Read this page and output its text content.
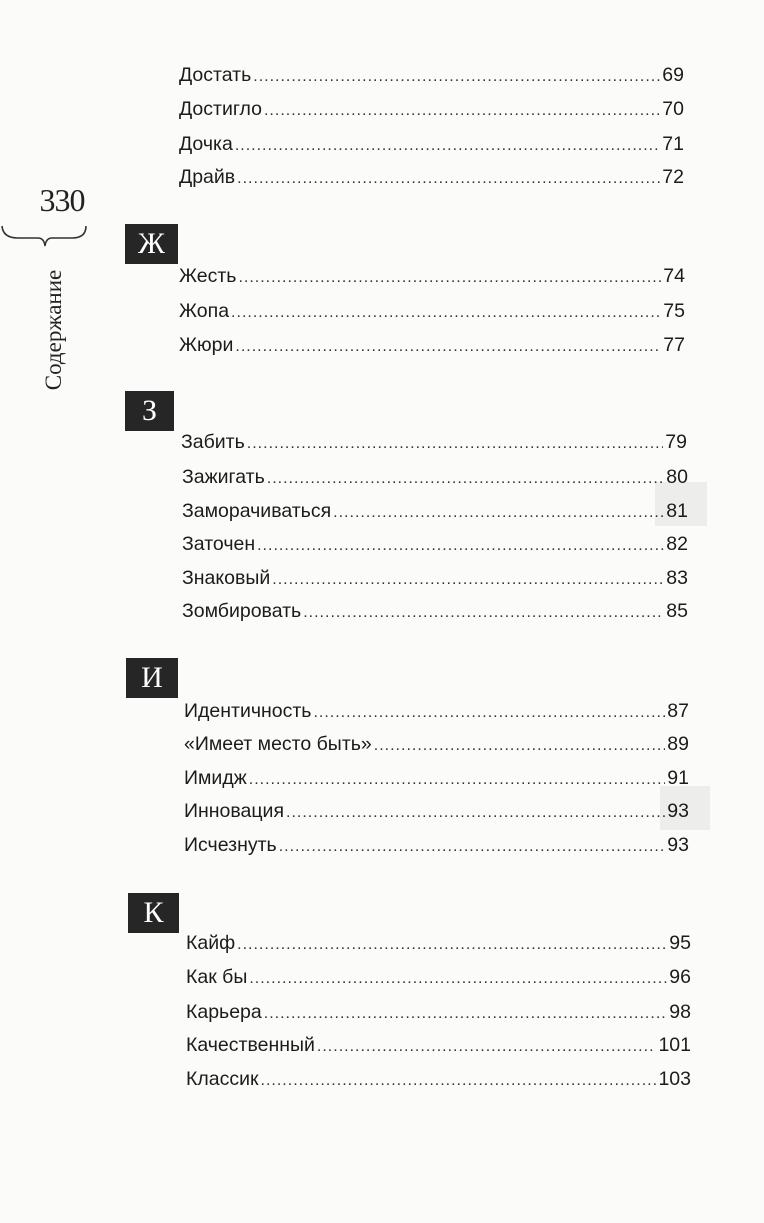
330
Содержание
Достать .....	69
Достигло .....	70
Дочка .....	71
Драйв .....	72
Ж
Жесть .....	74
Жопа .....	75
Жюри .....	77
З
Забить .....	79
Зажигать .....	80
Заморачиваться .....	81
Заточен .....	82
Знаковый .....	83
Зомбировать .....	85
И
Идентичность .....	87
«Имеет место быть» .....	89
Имидж .....	91
Инновация .....	93
Исчезнуть .....	93
К
Кайф .....	95
Как бы .....	96
Карьера .....	98
Качественный .....	101
Классик .....	103
